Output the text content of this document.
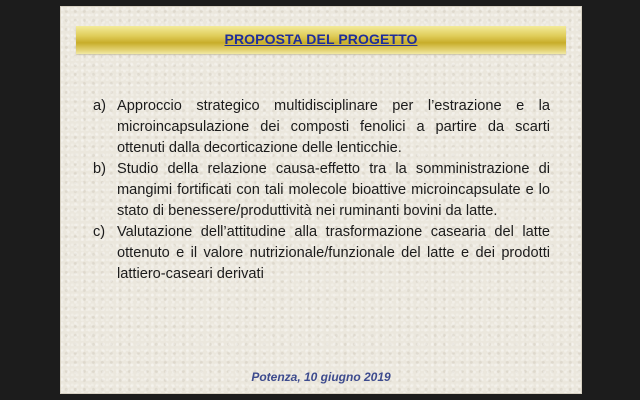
PROPOSTA DEL PROGETTO
a) Approccio strategico multidisciplinare per l’estrazione e la microincapsulazione dei composti fenolici a partire da scarti ottenuti dalla decorticazione delle lenticchie.
b) Studio della relazione causa-effetto tra la somministrazione di mangimi fortificati con tali molecole bioattive microincapsulate e lo stato di benessere/produttività nei ruminanti bovini da latte.
c) Valutazione dell’attitudine alla trasformazione casearia del latte ottenuto e il valore nutrizionale/funzionale del latte e dei prodotti lattiero-caseari derivati
Potenza, 10 giugno 2019
